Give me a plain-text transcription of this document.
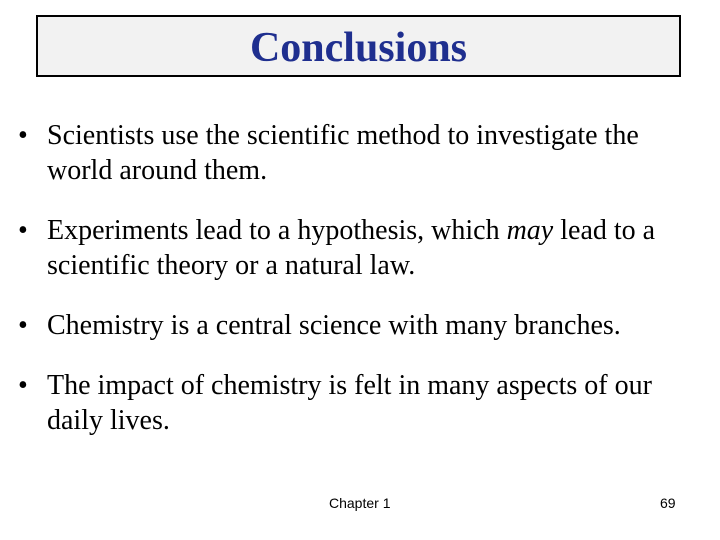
Conclusions
• Scientists use the scientific method to investigate the world around them.
• Experiments lead to a hypothesis, which may lead to a scientific theory or a natural law.
• Chemistry is a central science with many branches.
• The impact of chemistry is felt in many aspects of our daily lives.
Chapter 1	69
